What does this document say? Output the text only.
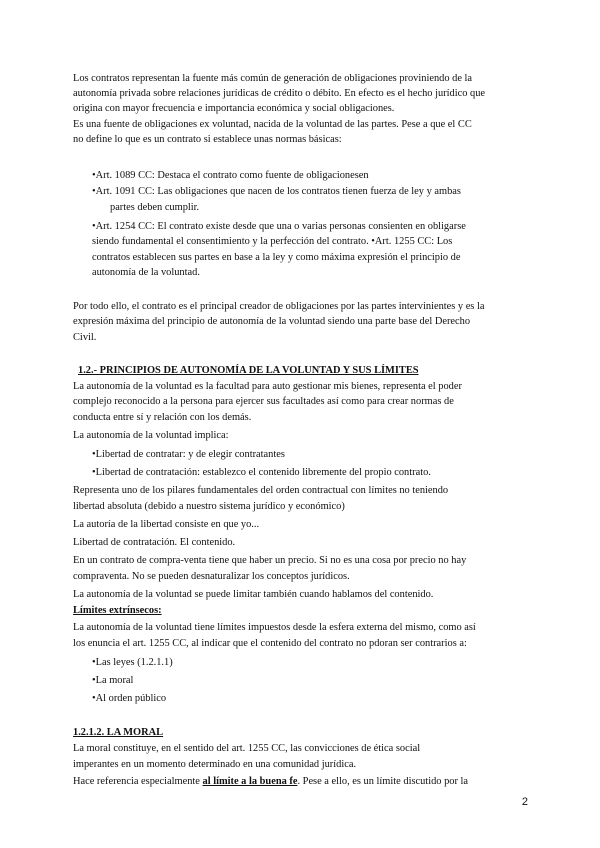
Los contratos representan la fuente más común de generación de obligaciones proviniendo de la
autonomía privada sobre relaciones jurídicas de crédito o débito. En efecto es el hecho jurídico que
origina con mayor frecuencia e importancia económica y social obligaciones.
Es una fuente de obligaciones ex voluntad, nacida de la voluntad de las partes. Pese a que el CC
no define lo que es un contrato si establece unas normas básicas:
•Art. 1089 CC: Destaca el contrato como fuente de obligacionesen
•Art. 1091 CC: Las obligaciones que nacen de los contratos tienen fuerza de ley y ambas
partes deben cumplir.
•Art. 1254 CC: El contrato existe desde que una o varias personas consienten en obligarse
siendo fundamental el consentimiento y la perfección del contrato. •Art. 1255 CC: Los
contratos establecen sus partes en base a la ley y como máxima expresión el principio de
autonomía de la voluntad.
Por todo ello, el contrato es el principal creador de obligaciones por las partes intervinientes y es la
expresión máxima del principio de autonomía de la voluntad siendo una parte base del Derecho
Civil.
1.2.- PRINCIPIOS DE AUTONOMÍA DE LA VOLUNTAD Y SUS LÍMITES
La autonomía de la voluntad es la facultad para auto gestionar mis bienes, representa el poder
complejo reconocido a la persona para ejercer sus facultades así como para crear normas de
conducta entre sí y relación con los demás.
La autonomía de la voluntad implica:
•Libertad de contratar: y de elegir contratantes
•Libertad de contratación: establezco el contenido libremente del propio contrato.
Representa uno de los pilares fundamentales del orden contractual con límites no teniendo
libertad absoluta (debido a nuestro sistema jurídico y económico)
La autoría de la libertad consiste en que yo...
Libertad de contratación. El contenido.
En un contrato de compra-venta tiene que haber un precio. Si no es una cosa por precio no hay
compraventa. No se pueden desnaturalizar los conceptos jurídicos.
La autonomía de la voluntad se puede limitar también cuando hablamos del contenido.
Límites extrínsecos:
La autonomía de la voluntad tiene límites impuestos desde la esfera externa del mismo, como así
los enuncia el art. 1255 CC, al indicar que el contenido del contrato no pdoran ser contrarios a:
•Las leyes (1.2.1.1)
•La moral
•Al orden público
1.2.1.2. LA MORAL
La moral constituye, en el sentido del art. 1255 CC, las convicciones de ética social
imperantes en un momento determinado en una comunidad jurídica.
Hace referencia especialmente al límite a la buena fe. Pese a ello, es un límite discutido por la
2
